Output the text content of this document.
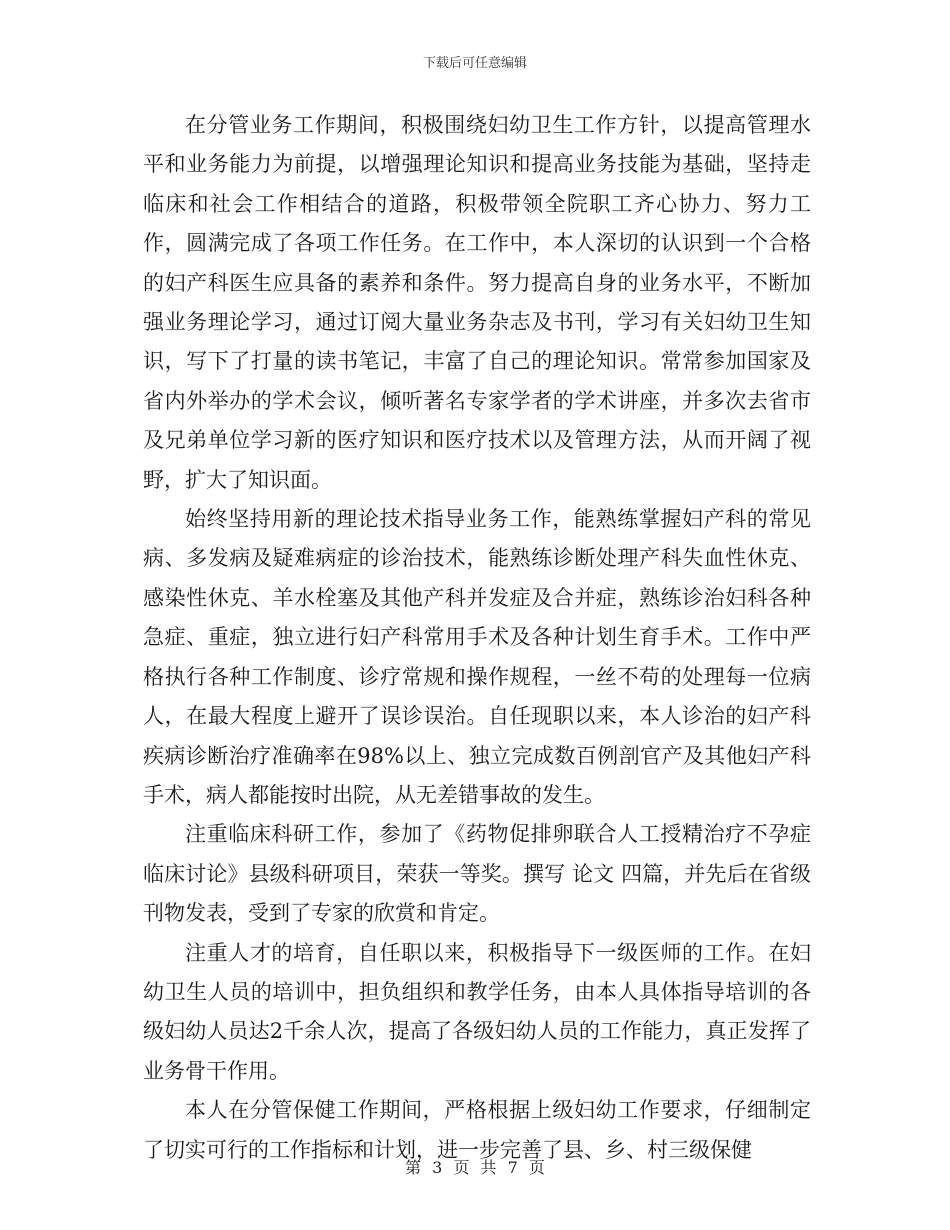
下载后可任意编辑

在分管业务工作期间，积极围绕妇幼卫生工作方针，以提高管理水平和业务能力为前提，以增强理论知识和提高业务技能为基础，坚持走临床和社会工作相结合的道路，积极带领全院职工齐心协力、努力工作，圆满完成了各项工作任务。在工作中，本人深切的认识到一个合格的妇产科医生应具备的素养和条件。努力提高自身的业务水平，不断加强业务理论学习，通过订阅大量业务杂志及书刊，学习有关妇幼卫生知识，写下了打量的读书笔记，丰富了自己的理论知识。常常参加国家及省内外举办的学术会议，倾听著名专家学者的学术讲座，并多次去省市及兄弟单位学习新的医疗知识和医疗技术以及管理方法，从而开阔了视野，扩大了知识面。

始终坚持用新的理论技术指导业务工作，能熟练掌握妇产科的常见病、多发病及疑难病症的诊治技术，能熟练诊断处理产科失血性休克、感染性休克、羊水栓塞及其他产科并发症及合并症，熟练诊治妇科各种急症、重症，独立进行妇产科常用手术及各种计划生育手术。工作中严格执行各种工作制度、诊疗常规和操作规程，一丝不苟的处理每一位病人，在最大程度上避开了误诊误治。自任现职以来，本人诊治的妇产科疾病诊断治疗准确率在98%以上、独立完成数百例剖官产及其他妇产科手术，病人都能按时出院，从无差错事故的发生。

注重临床科研工作，参加了《药物促排卵联合人工授精治疗不孕症临床讨论》县级科研项目，荣获一等奖。撰写 论文 四篇，并先后在省级刊物发表，受到了专家的欣赏和肯定。

注重人才的培育，自任职以来，积极指导下一级医师的工作。在妇幼卫生人员的培训中，担负组织和教学任务，由本人具体指导培训的各级妇幼人员达2千余人次，提高了各级妇幼人员的工作能力，真正发挥了业务骨干作用。

本人在分管保健工作期间，严格根据上级妇幼工作要求，仔细制定了切实可行的工作指标和计划，进一步完善了县、乡、村三级保健

第 3 页 共 7 页
